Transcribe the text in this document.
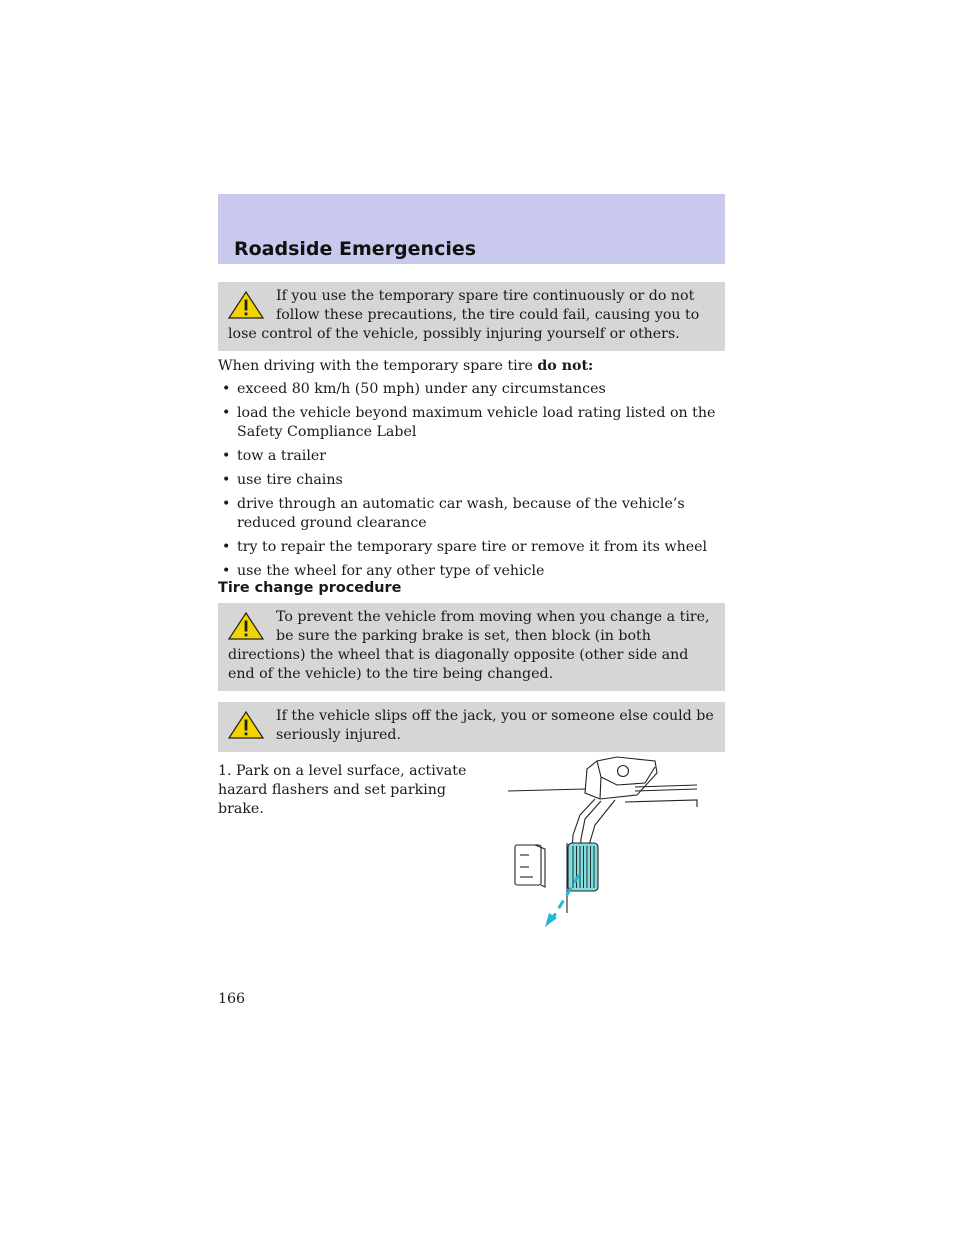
Roadside Emergencies

If you use the temporary spare tire continuously or do not follow these precautions, the tire could fail, causing you to lose control of the vehicle, possibly injuring yourself or others.

When driving with the temporary spare tire do not:

• exceed 80 km/h (50 mph) under any circumstances
• load the vehicle beyond maximum vehicle load rating listed on the Safety Compliance Label
• tow a trailer
• use tire chains
• drive through an automatic car wash, because of the vehicle’s reduced ground clearance
• try to repair the temporary spare tire or remove it from its wheel
• use the wheel for any other type of vehicle
Tire change procedure

To prevent the vehicle from moving when you change a tire, be sure the parking brake is set, then block (in both directions) the wheel that is diagonally opposite (other side and end of the vehicle) to the tire being changed.

If the vehicle slips off the jack, you or someone else could be seriously injured.

1. Park on a level surface, activate hazard flashers and set parking brake.
166
